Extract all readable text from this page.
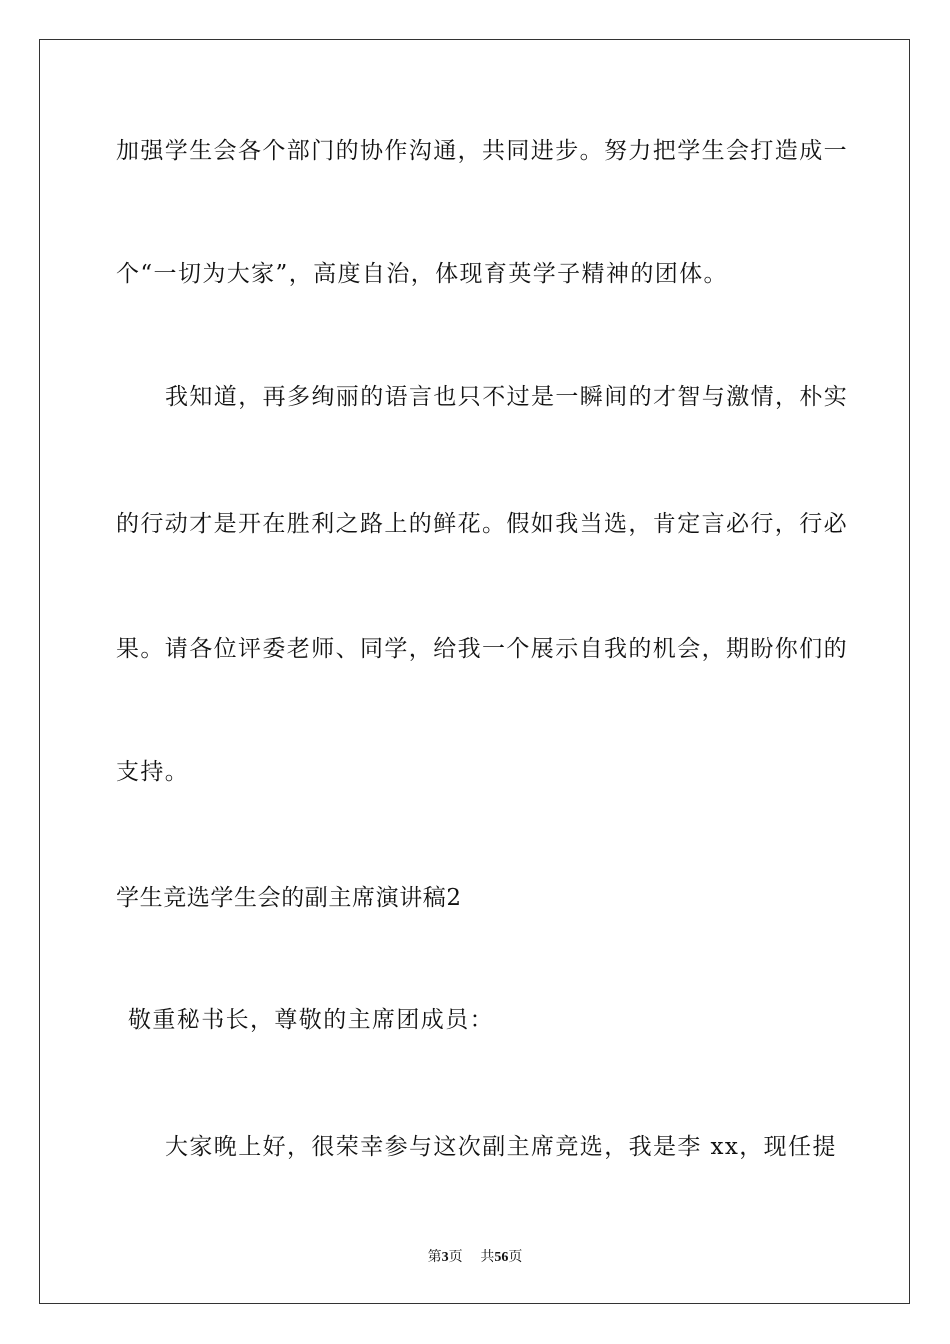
加强学生会各个部门的协作沟通，共同进步。努力把学生会打造成一
个“一切为大家”，高度自治，体现育英学子精神的团体。
我知道，再多绚丽的语言也只不过是一瞬间的才智与激情，朴实
的行动才是开在胜利之路上的鲜花。假如我当选，肯定言必行，行必
果。请各位评委老师、同学，给我一个展示自我的机会，期盼你们的
支持。
学生竞选学生会的副主席演讲稿2
敬重秘书长，尊敬的主席团成员：
大家晚上好，很荣幸参与这次副主席竞选，我是李 xx，现任提
第3页 共56页
